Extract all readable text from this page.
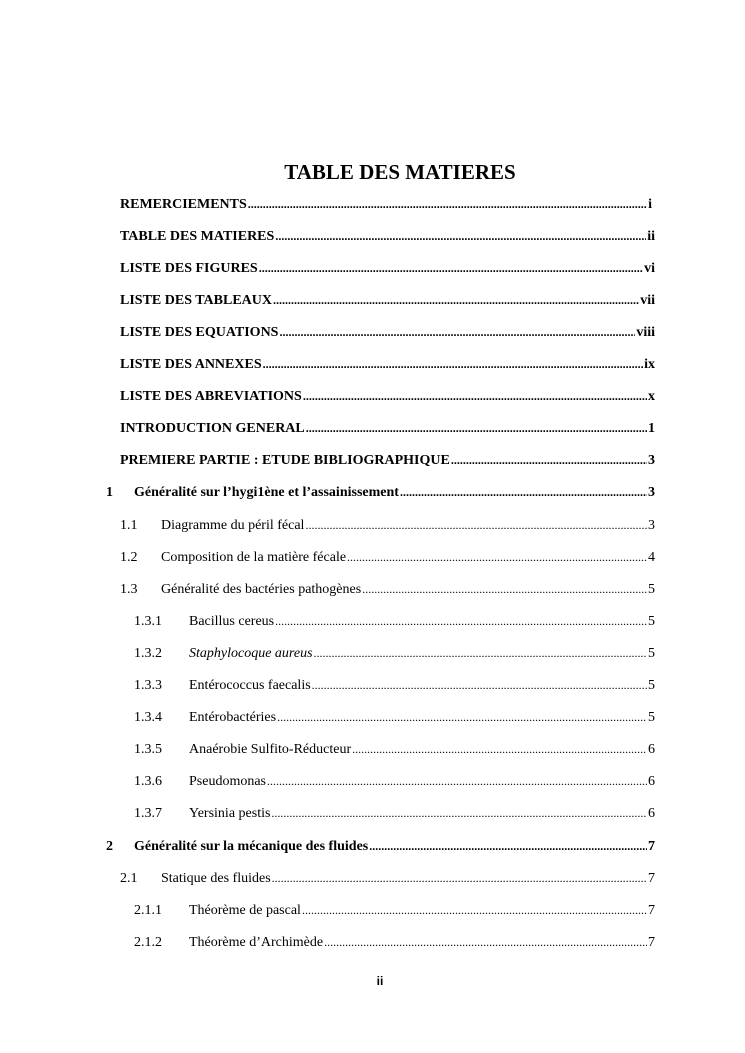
TABLE DES MATIERES
REMERCIEMENTS .....	i
TABLE DES MATIERES .....	ii
LISTE DES FIGURES .....	vi
LISTE DES TABLEAUX .....	vii
LISTE DES EQUATIONS .....	viii
LISTE DES ANNEXES .....	ix
LISTE DES ABREVIATIONS .....	x
INTRODUCTION GENERAL .....	1
PREMIERE PARTIE : ETUDE BIBLIOGRAPHIQUE .....	3
1	Généralité sur l’hygi1ène et l’assainissement .....	3
1.1	Diagramme du péril fécal .....	3
1.2	Composition de la matière fécale .....	4
1.3	Généralité des bactéries pathogènes .....	5
1.3.1	Bacillus cereus .....	5
1.3.2	Staphylocoque aureus .....	5
1.3.3	Entérococcus faecalis .....	5
1.3.4	Entérobactéries .....	5
1.3.5	Anaérobie Sulfito-Réducteur .....	6
1.3.6	Pseudomonas .....	6
1.3.7	Yersinia pestis .....	6
2	Généralité sur la mécanique des fluides .....	7
2.1	Statique des fluides .....	7
2.1.1	Théorème de pascal .....	7
2.1.2	Théorème d’Archimède .....	7
ii
